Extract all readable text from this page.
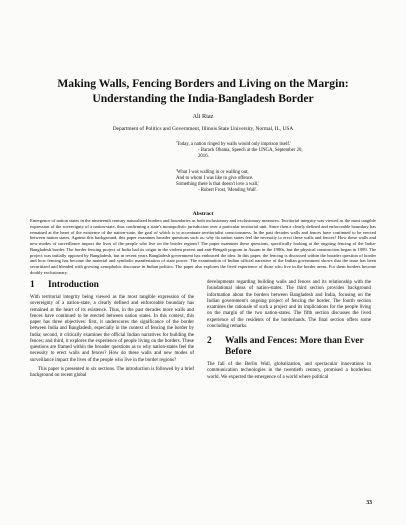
Making Walls, Fencing Borders and Living on the Margin: Understanding the India-Bangladesh Border
Ali Riaz
Department of Politics and Government, Illinois State University, Normal, IL, USA
'Today, a nation ringed by walls would only imprison itself.'
- Barack Obama, Speech at the UNGA, September 20,
2016.
'What I was walling in or walling out,
And to whom I was like to give offence.
Something there is that doesn't love a wall,'
- Robert Frost, 'Mending Wall'.
Abstract
Emergence of nation states in the nineteenth century naturalized borders and boundaries as both inclusionary and exclusionary measures. Territorial integrity was viewed as the most tangible expression of the sovereignty of a nation-state, thus confirming a state's monopolistic jurisdiction over a particular territorial unit. Since then a clearly defined and enforceable boundary has remained at the heart of the existence of the nation-state, the goal of which is to accentuate territorialist consciousness. In the past decades walls and fences have continued to be erected between nation states. Against this background, this paper examines broader questions such as: why do nation states feel the necessity to erect these walls and fences? How these walls and new modes of surveillance impact the lives of the people who live on the border regions? The paper examines these questions, specifically looking at the ongoing fencing of the India-Bangladesh border. The border fencing project of India had its origin in the violent protest and anti-Bengali pogrom in Assam in the 1980s, but the physical construction began in 1989. The project was initially opposed by Bangladesh, but in recent years Bangladesh government has embraced the idea. In this paper, the fencing is discussed within the broader question of border and how fencing has become the material and symbolic manifestation of state power. The examination of Indian official narrative of the Indian government shows that the issue has been securitized and blended with growing xenophobic discourse in Indian politics. The paper also explores the lived experience of those who live in the border areas. For them borders become doubly exclusionary.
1	Introduction

With territorial integrity being viewed as the most tangible expression of the sovereignty of a nation-state, a clearly defined and enforceable boundary has remained at the heart of its existence. Thus, in the past decades more walls and fences have continued to be erected between nation states. In this context, this paper has three objectives: first, it underscores the significance of the border between India and Bangladesh, especially in the context of fencing the border by India; second, it critically examines the official Indian narratives for building the fences; and third, it explores the experience of people living on the borders. These questions are framed within the broader questions as to why nation-states feel the necessity to erect walls and fences? How do these walls and new modes of surveillance impact the lives of the people who live in the border regions?

This paper is presented in six sections. The introduction is followed by a brief background on recent global

developments regarding building walls and fences and its relationship with the foundational ideas of nation-states. The third section provides background information about the borders between Bangladesh and India, focusing on the Indian government's ongoing project of fencing the border. The fourth section examines the rationale of such a project and its implications for the people living on the margin of the two nation-states. The fifth section discusses the lived experience of the residents of the borderlands. The final section offers some concluding remarks.

2	Walls and Fences: More than Ever Before

The fall of the Berlin Wall, globalization, and spectacular innovations in communication technologies in the twentieth century, promised a borderless world. We expected the emergence of a world where political

33
